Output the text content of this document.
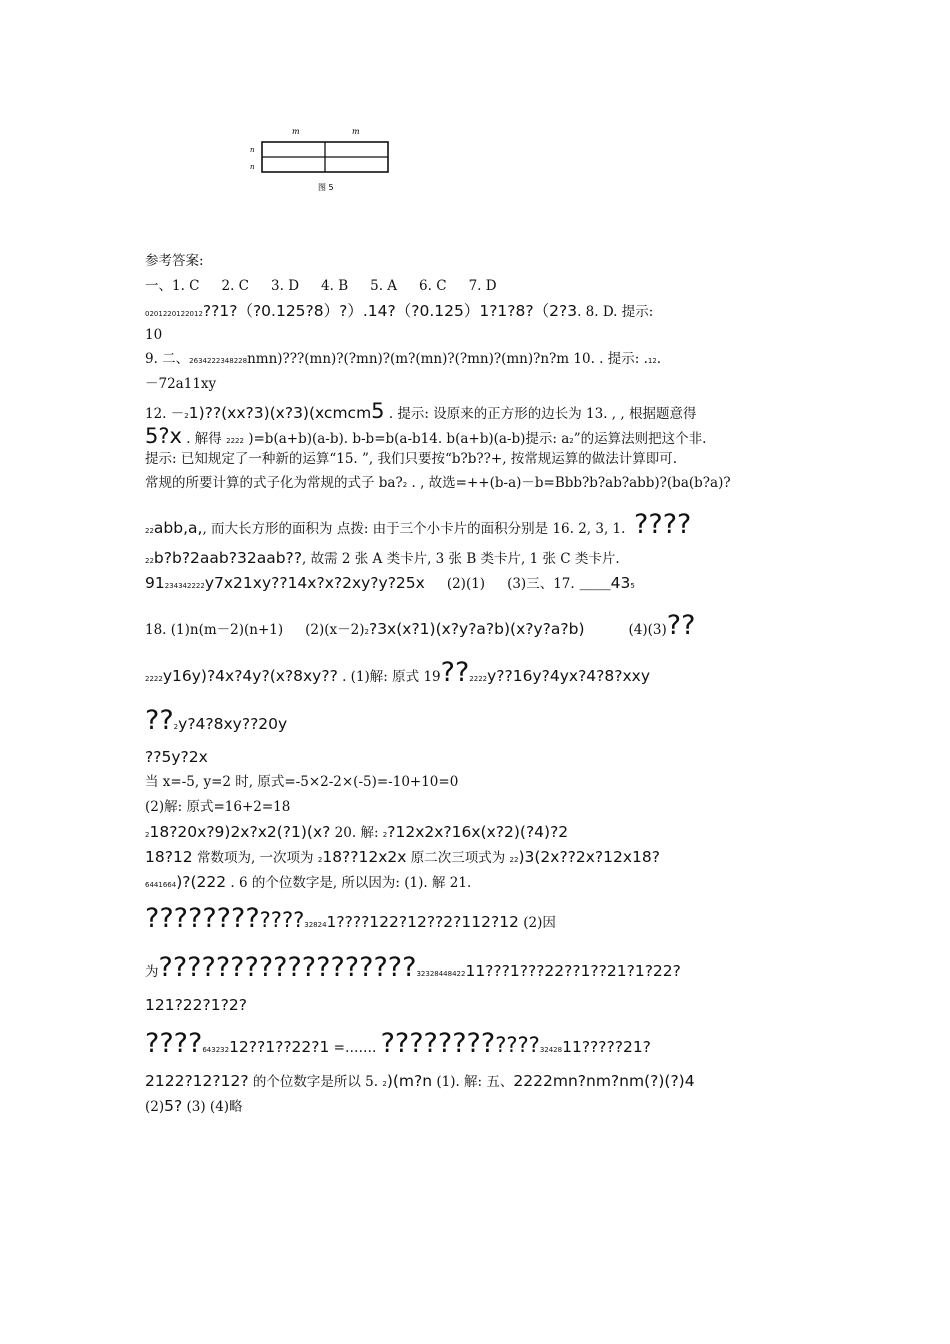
m	m
n
n
图 5
参考答案:
一、1. C 2. C 3. D 4. B 5. A 6. C 7. D
0201220122012??1?（?0.125?8）?）.14?（?0.125）1?1?8?（2?3. 8. D. 提示:
10
9. 二、2634222348228nmn)???(mn)?(?mn)?(m?(mn)?(?mn)?(mn)?n?m 10. . 提示: .12.
－72a11xy
12. －21)??(xx?3)(x?3)(xcmcm5 . 提示: 设原来的正方形的边长为 13. , , 根据题意得
5?x . 解得 2222 )=b(a+b)(a-b). b-b=b(a-b14. b(a+b)(a-b)提示: a2”的运算法则把这个非.
提示: 已知规定了一种新的运算“15. ”, 我们只要按“b?b??+, 按常规运算的做法计算即可.
常规的所要计算的式子化为常规的式子 ba?2 . , 故选=++(b-a)－b=Bbb?b?ab?abb)?(ba(b?a)?
22abb,a,, 而大长方形的面积为 点拨: 由于三个小卡片的面积分别是 16. 2, 3, 1. ????
22b?b?2aab?32aab??, 故需 2 张 A 类卡片, 3 张 B 类卡片, 1 张 C 类卡片.
91234342222y7x21xy??14x?x?2xy?y?25x (2)(1) (3)三、17. ＿＿435
18. (1)n(m－2)(n+1) (2)(x－2)2?3x(x?1)(x?y?a?b)(x?y?a?b)	(4)(3)??
2222y16y)?4x?4y?(x?8xy?? . (1)解: 原式 19??2222y??16y?4yx?4?8?xxy
??2y?4?8xy??20y
??5y?2x
当 x=-5, y=2 时, 原式=-5×2-2×(-5)=-10+10=0
(2)解: 原式=16+2=18
218?20x?9)2x?x2(?1)(x? 20. 解: 2?12x2x?16x(x?2)(?4)?2
18?12 常数项为, 一次项为 218??12x2x 原二次三项式为 22)3(2x??2x?12x18?
6441664)?(222 . 6 的个位数字是, 所以因为: (1). 解 21.
????????????328241????122?12??2?112?12 (2)因
为??????????????????3232844842211???1???22??1??21?1?22?
121?22?1?2?
????64323212??1??22?1 =……. ????????????3242811?????21?
2122?12?12? 的个位数字是所以 5. 2)(m?n (1). 解: 五、2222mn?nm?nm(?)(?)4
(2)5? (3) (4)略
